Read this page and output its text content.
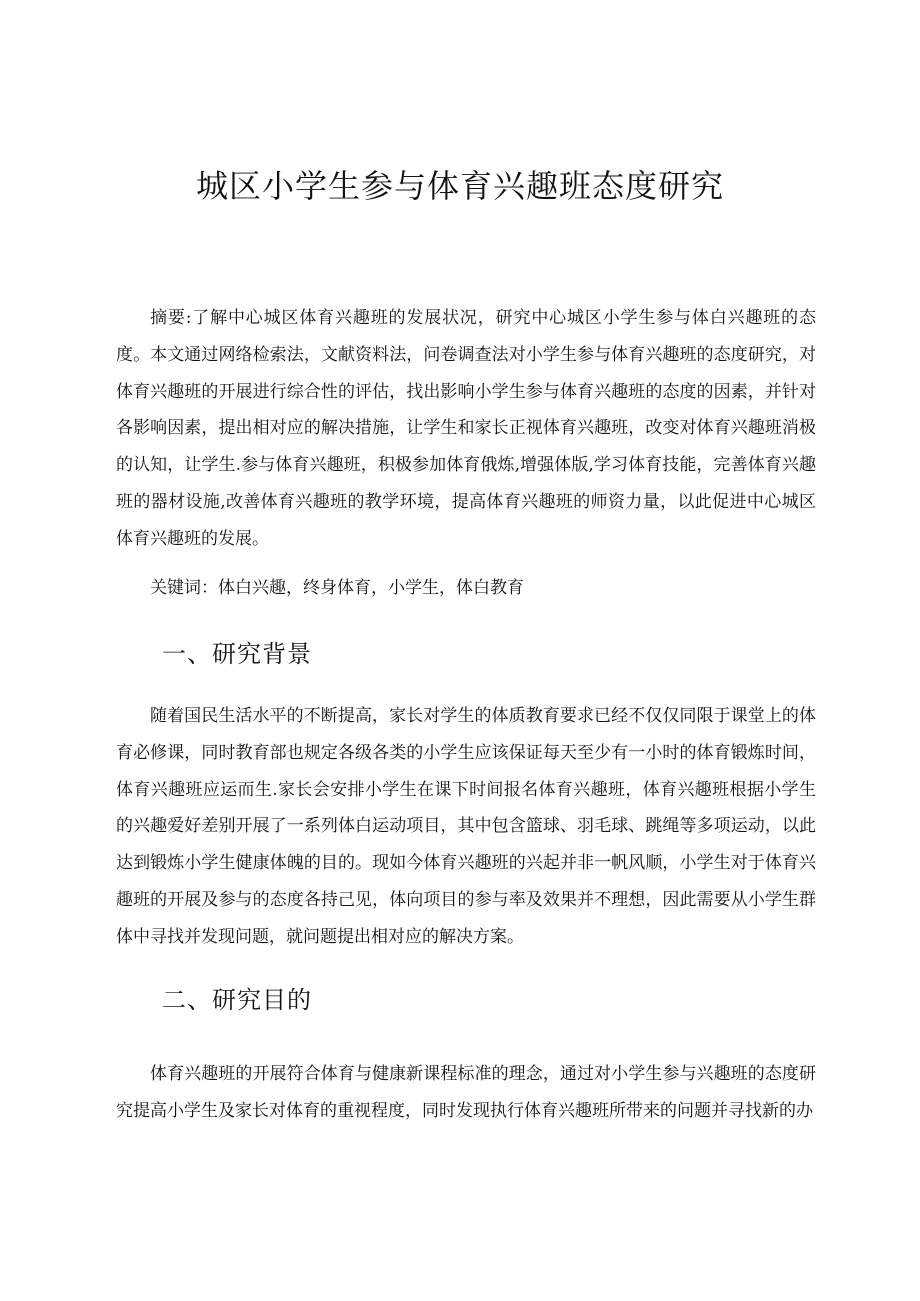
城区小学生参与体育兴趣班态度研究

摘要:了解中心城区体育兴趣班的发展状况，研究中心城区小学生参与体白兴趣班的态度。本文通过网络检索法，文献资料法，问卷调查法对小学生参与体育兴趣班的态度研究，对体育兴趣班的开展进行综合性的评估，找出影响小学生参与体育兴趣班的态度的因素，并针对各影响因素，提出相对应的解决措施，让学生和家长正视体育兴趣班，改变对体育兴趣班消极的认知，让学生.参与体育兴趣班，积极参加体育俄炼,增强体版,学习体育技能，完善体育兴趣班的器材设施,改善体育兴趣班的教学环境，提高体育兴趣班的师资力量，以此促进中心城区体育兴趣班的发展。

关键词：体白兴趣，终身体育，小学生，体白教育

一、研究背景

随着国民生活水平的不断提高，家长对学生的体质教育要求已经不仅仅同限于课堂上的体育必修课，同时教育部也规定各级各类的小学生应该保证每天至少有一小时的体育锻炼时间，体育兴趣班应运而生.家长会安排小学生在课下时间报名体育兴趣班，体育兴趣班根据小学生的兴趣爱好差别开展了一系列体白运动项目，其中包含篮球、羽毛球、跳绳等多项运动，以此达到锻炼小学生健康体魄的目的。现如今体育兴趣班的兴起并非一帆风顺，小学生对于体育兴趣班的开展及参与的态度各持己见，体向项目的参与率及效果并不理想，因此需要从小学生群体中寻找并发现问题，就问题提出相对应的解决方案。

二、研究目的

体育兴趣班的开展符合体育与健康新课程标准的理念，通过对小学生参与兴趣班的态度研究提高小学生及家长对体育的重视程度，同时发现执行体育兴趣班所带来的问题并寻找新的办
